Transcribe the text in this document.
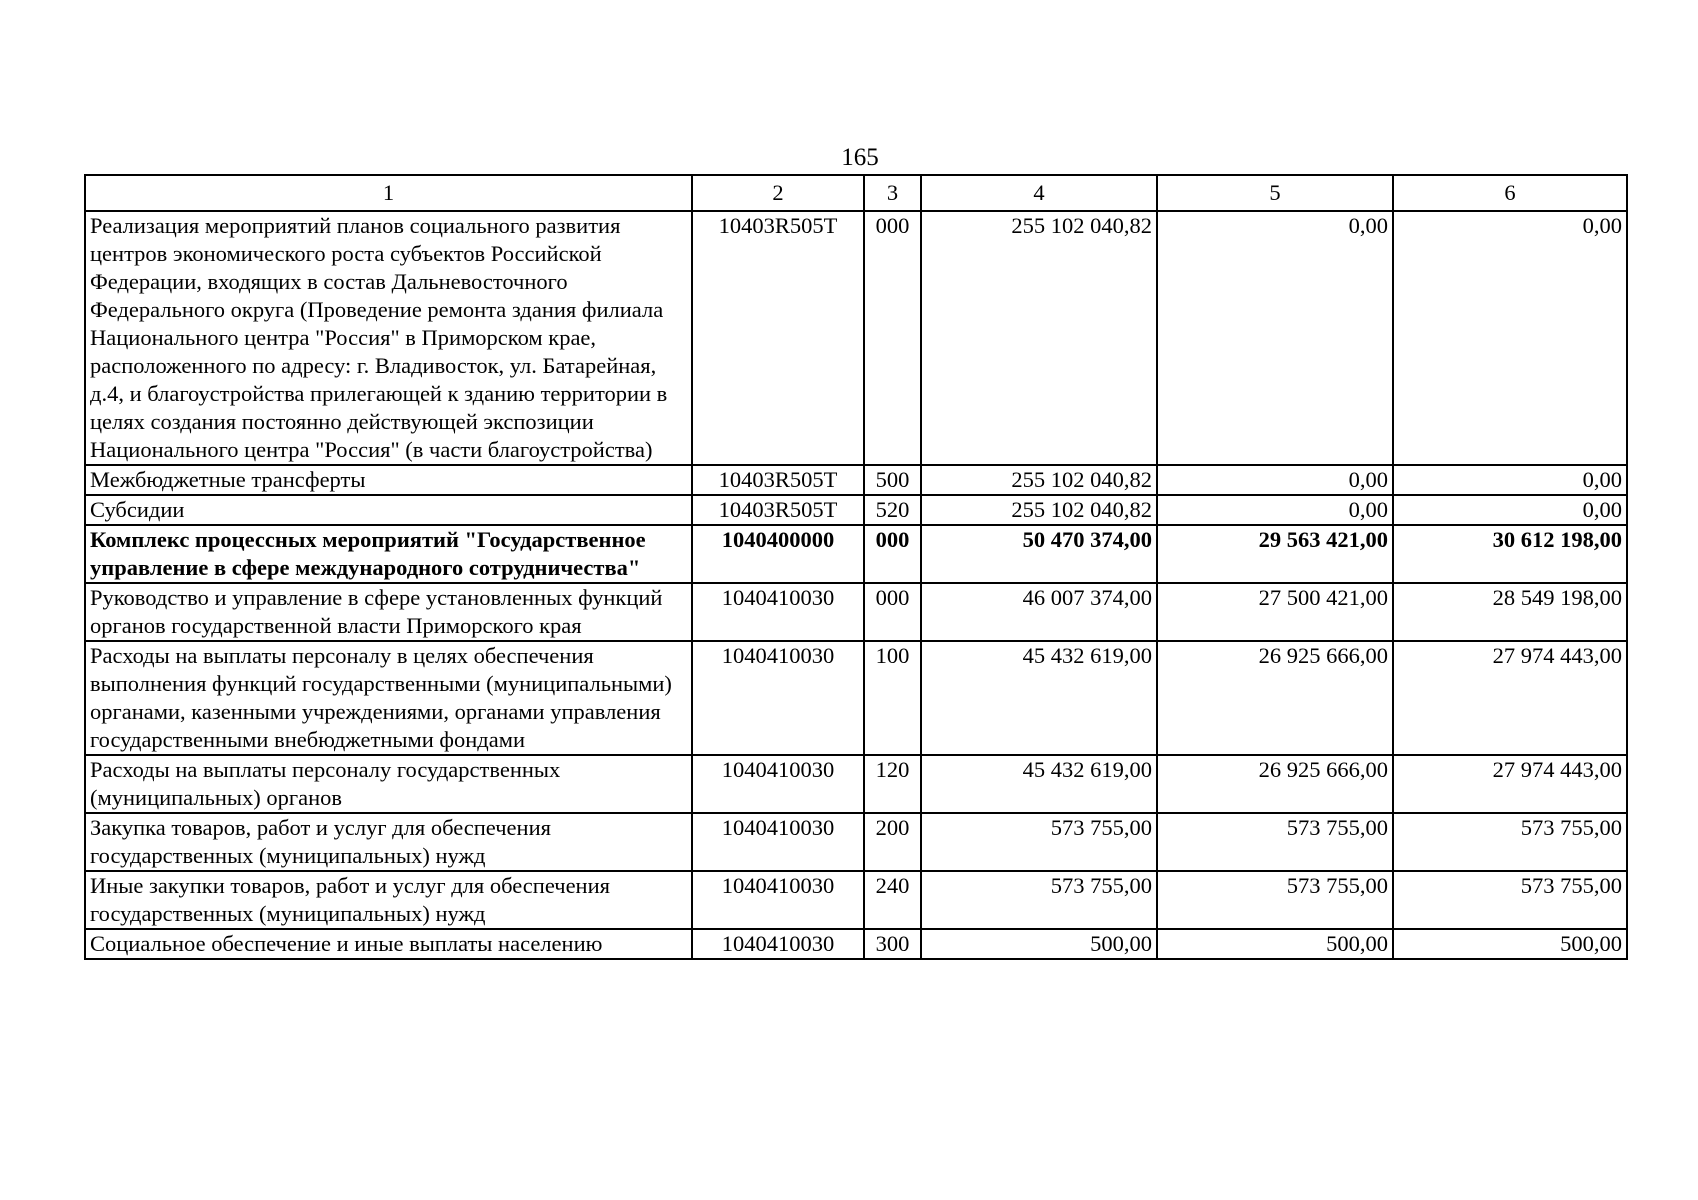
165
1	2	3	4	5	6
Реализация мероприятий планов социального развития центров экономического роста субъектов Российской Федерации, входящих в состав Дальневосточного Федерального округа (Проведение ремонта здания филиала Национального центра "Россия" в Приморском крае, расположенного по адресу: г. Владивосток, ул. Батарейная, д.4, и благоустройства прилегающей к зданию территории в целях создания постоянно действующей экспозиции Национального центра "Россия" (в части благоустройства)	10403R505T	000	255 102 040,82	0,00	0,00
Межбюджетные трансферты	10403R505T	500	255 102 040,82	0,00	0,00
Субсидии	10403R505T	520	255 102 040,82	0,00	0,00
Комплекс процессных мероприятий "Государственное управление в сфере международного сотрудничества"	1040400000	000	50 470 374,00	29 563 421,00	30 612 198,00
Руководство и управление в сфере установленных функций органов государственной власти Приморского края	1040410030	000	46 007 374,00	27 500 421,00	28 549 198,00
Расходы на выплаты персоналу в целях обеспечения выполнения функций государственными (муниципальными) органами, казенными учреждениями, органами управления государственными внебюджетными фондами	1040410030	100	45 432 619,00	26 925 666,00	27 974 443,00
Расходы на выплаты персоналу государственных (муниципальных) органов	1040410030	120	45 432 619,00	26 925 666,00	27 974 443,00
Закупка товаров, работ и услуг для обеспечения государственных (муниципальных) нужд	1040410030	200	573 755,00	573 755,00	573 755,00
Иные закупки товаров, работ и услуг для обеспечения государственных (муниципальных) нужд	1040410030	240	573 755,00	573 755,00	573 755,00
Социальное обеспечение и иные выплаты населению	1040410030	300	500,00	500,00	500,00
